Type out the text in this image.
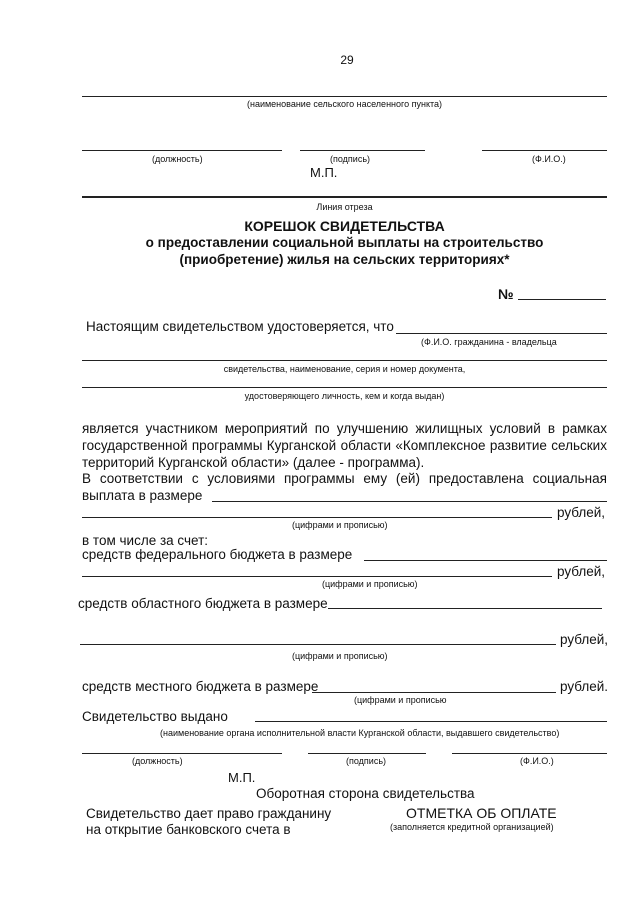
29
(наименование сельского населенного пункта)
(должность)	(подпись)	(Ф.И.О.)
М.П.
Линия отреза
КОРЕШОК СВИДЕТЕЛЬСТВА
о предоставлении социальной выплаты на строительство
(приобретение) жилья на сельских территориях*
№
Настоящим свидетельством удостоверяется, что
(Ф.И.О. гражданина - владельца
свидетельства, наименование, серия и номер документа,
удостоверяющего личность, кем и когда выдан)
является участником мероприятий по улучшению жилищных условий в рамках
государственной программы Курганской области «Комплексное развитие сельских
территорий Курганской области» (далее - программа).
В соответствии с условиями программы ему (ей) предоставлена социальная
выплата в размере
рублей,
(цифрами и прописью)
в том числе за счет:
средств федерального бюджета в размере
рублей,
(цифрами и прописью)
средств областного бюджета в размере
рублей,
(цифрами и прописью)
средств местного бюджета в размере	рублей.
(цифрами и прописью
Свидетельство выдано
(наименование органа исполнительной власти Курганской области, выдавшего свидетельство)
(должность)	(подпись)	(Ф.И.О.)
М.П.
Оборотная сторона свидетельства
Свидетельство дает право гражданину
на открытие банковского счета в
ОТМЕТКА ОБ ОПЛАТЕ
(заполняется кредитной организацией)
